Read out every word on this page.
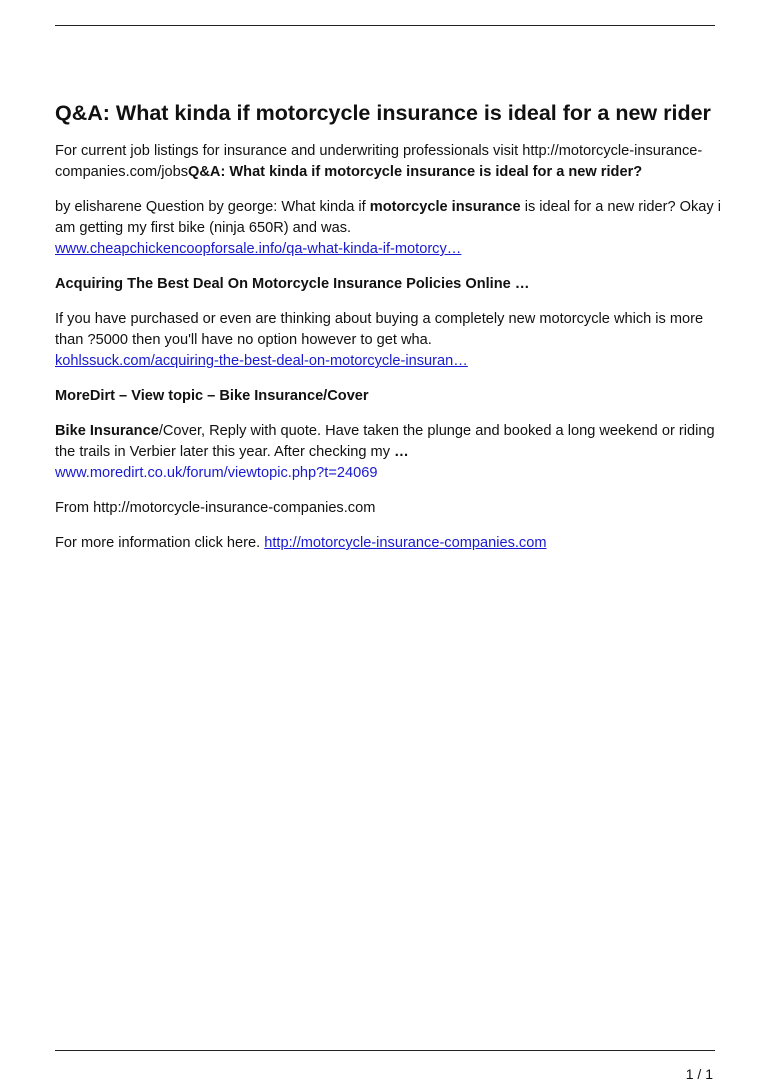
Q&A: What kinda if motorcycle insurance is ideal for a new rider

For current job listings for insurance and underwriting professionals visit http://motorcycle-insurance-companies.com/jobsQ&A: What kinda if motorcycle insurance is ideal for a new rider?

by elisharene Question by george: What kinda if motorcycle insurance is ideal for a new rider? Okay i am getting my first bike (ninja 650R) and was.
www.cheapchickencoopforsale.info/qa-what-kinda-if-motorcy…

Acquiring The Best Deal On Motorcycle Insurance Policies Online …

If you have purchased or even are thinking about buying a completely new motorcycle which is more than ?5000 then you'll have no option however to get wha.
kohlssuck.com/acquiring-the-best-deal-on-motorcycle-insuran…

MoreDirt – View topic – Bike Insurance/Cover

Bike Insurance/Cover, Reply with quote. Have taken the plunge and booked a long weekend or riding the trails in Verbier later this year. After checking my …
www.moredirt.co.uk/forum/viewtopic.php?t=24069

From http://motorcycle-insurance-companies.com

For more information click here. http://motorcycle-insurance-companies.com

1 / 1
